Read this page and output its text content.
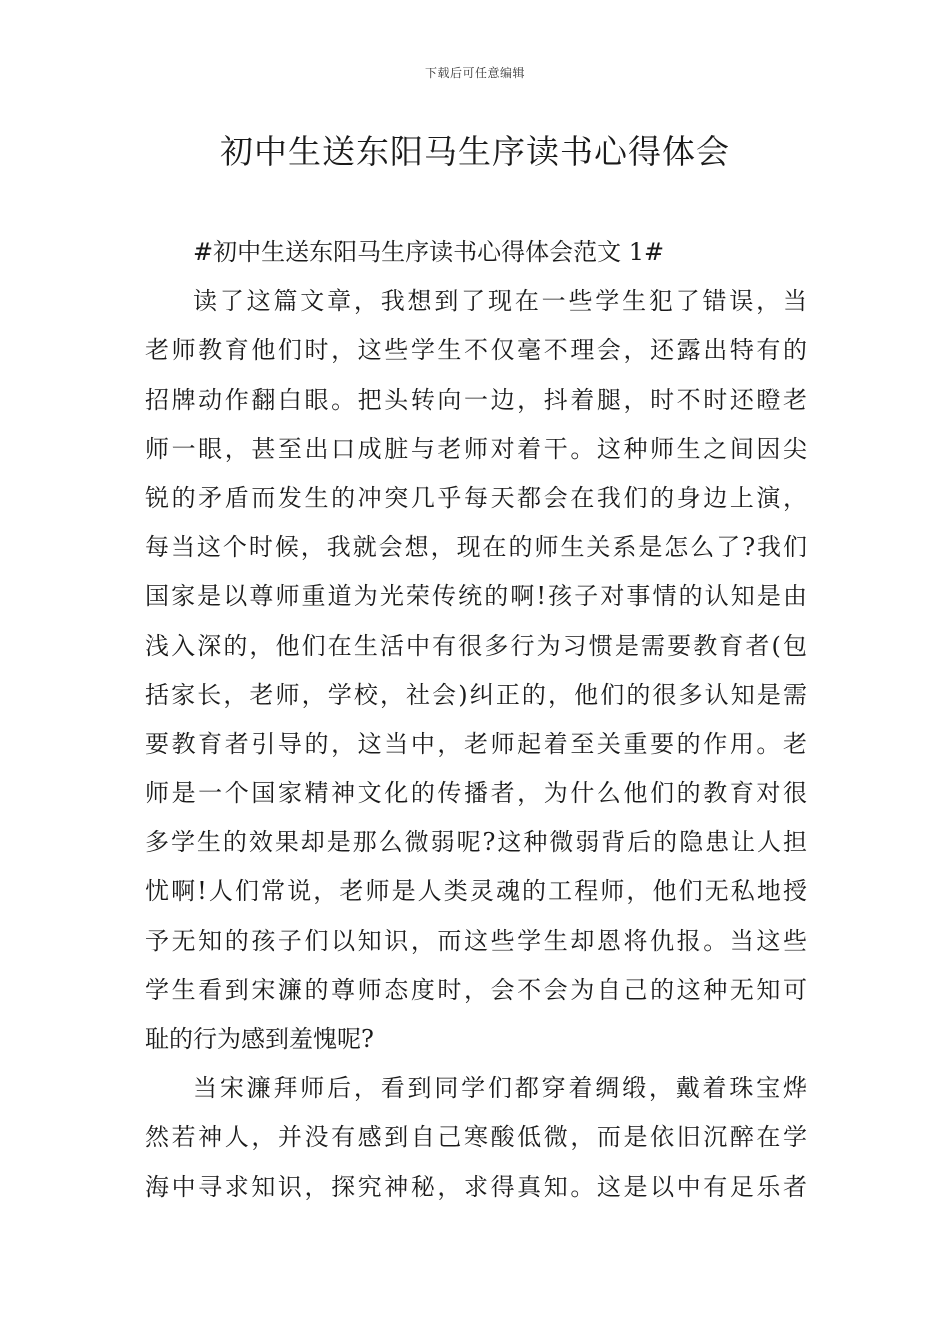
下载后可任意编辑
初中生送东阳马生序读书心得体会
#初中生送东阳马生序读书心得体会范文 1#
读了这篇文章，我想到了现在一些学生犯了错误，当
老师教育他们时，这些学生不仅毫不理会，还露出特有的
招牌动作翻白眼。把头转向一边，抖着腿，时不时还瞪老
师一眼，甚至出口成脏与老师对着干。这种师生之间因尖
锐的矛盾而发生的冲突几乎每天都会在我们的身边上演，
每当这个时候，我就会想，现在的师生关系是怎么了?我们
国家是以尊师重道为光荣传统的啊!孩子对事情的认知是由
浅入深的，他们在生活中有很多行为习惯是需要教育者(包
括家长，老师，学校，社会)纠正的，他们的很多认知是需
要教育者引导的，这当中，老师起着至关重要的作用。老
师是一个国家精神文化的传播者，为什么他们的教育对很
多学生的效果却是那么微弱呢?这种微弱背后的隐患让人担
忧啊!人们常说，老师是人类灵魂的工程师，他们无私地授
予无知的孩子们以知识，而这些学生却恩将仇报。当这些
学生看到宋濂的尊师态度时，会不会为自己的这种无知可
耻的行为感到羞愧呢?
当宋濂拜师后，看到同学们都穿着绸缎，戴着珠宝烨
然若神人，并没有感到自己寒酸低微，而是依旧沉醉在学
海中寻求知识，探究神秘，求得真知。这是以中有足乐者
